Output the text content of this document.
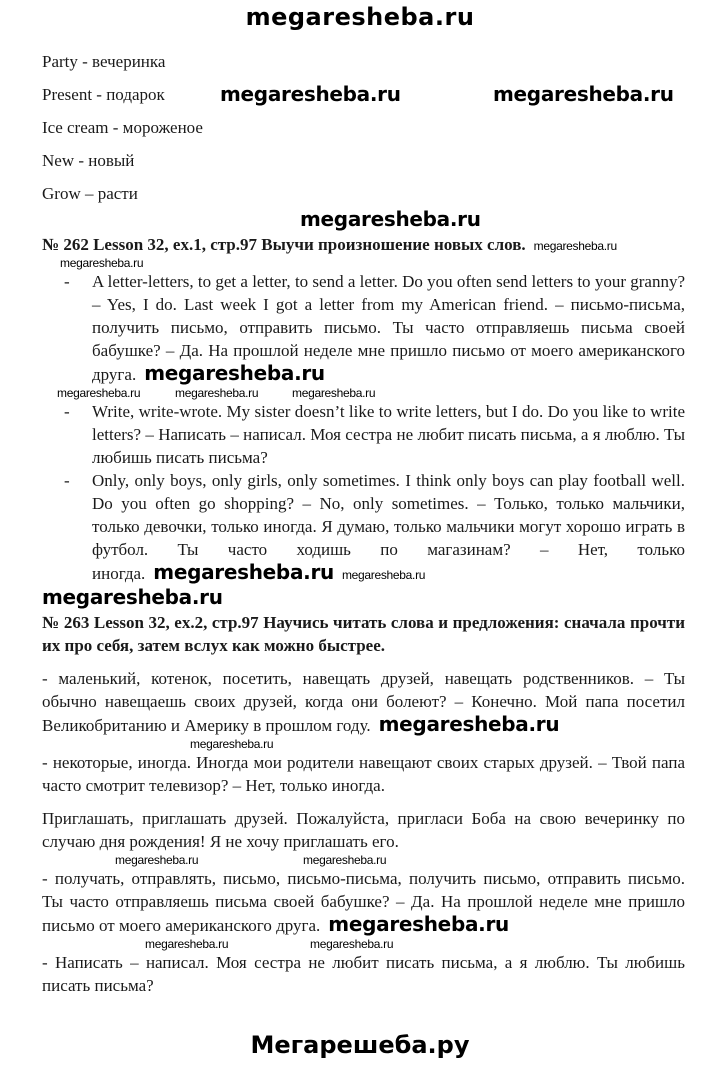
megaresheba.ru
Party - вечеринка
Present - подарок	megaresheba.ru	megaresheba.ru
Ice cream - мороженое
New - новый
Grow – расти
megaresheba.ru
№ 262 Lesson 32, ex.1, стр.97 Выучи произношение новых слов. megaresheba.ru
megaresheba.ru
- A letter-letters, to get a letter, to send a letter. Do you often send letters to your granny? – Yes, I do. Last week I got a letter from my American friend. – письмо-письма, получить письмо, отправить письмо. Ты часто отправляешь письма своей бабушке? – Да. На прошлой неделе мне пришло письмо от моего американского друга. megaresheba.ru
megaresheba.ru	megaresheba.ru	megaresheba.ru
- Write, write-wrote. My sister doesn’t like to write letters, but I do. Do you like to write letters? – Написать – написал. Моя сестра не любит писать письма, а я люблю. Ты любишь писать письма?
- Only, only boys, only girls, only sometimes. I think only boys can play football well. Do you often go shopping? – No, only sometimes. – Только, только мальчики, только девочки, только иногда. Я думаю, только мальчики могут хорошо играть в футбол. Ты часто ходишь по магазинам? – Нет, только иногда. megaresheba.ru megaresheba.ru
megaresheba.ru
№ 263 Lesson 32, ex.2, стр.97 Научись читать слова и предложения: сначала прочти их про себя, затем вслух как можно быстрее.
- маленький, котенок, посетить, навещать друзей, навещать родственников. – Ты обычно навещаешь своих друзей, когда они болеют? – Конечно. Мой папа посетил Великобританию и Америку в прошлом году. megaresheba.ru
megaresheba.ru
- некоторые, иногда. Иногда мои родители навещают своих старых друзей. – Твой папа часто смотрит телевизор? – Нет, только иногда.
Приглашать, приглашать друзей. Пожалуйста, пригласи Боба на свою вечеринку по случаю дня рождения! Я не хочу приглашать его.
megaresheba.ru	megaresheba.ru
- получать, отправлять, письмо, письмо-письма, получить письмо, отправить письмо. Ты часто отправляешь письма своей бабушке? – Да. На прошлой неделе мне пришло письмо от моего американского друга. megaresheba.ru
megaresheba.ru	megaresheba.ru
- Написать – написал. Моя сестра не любит писать письма, а я люблю. Ты любишь писать письма?
Мегарешеба.ру
